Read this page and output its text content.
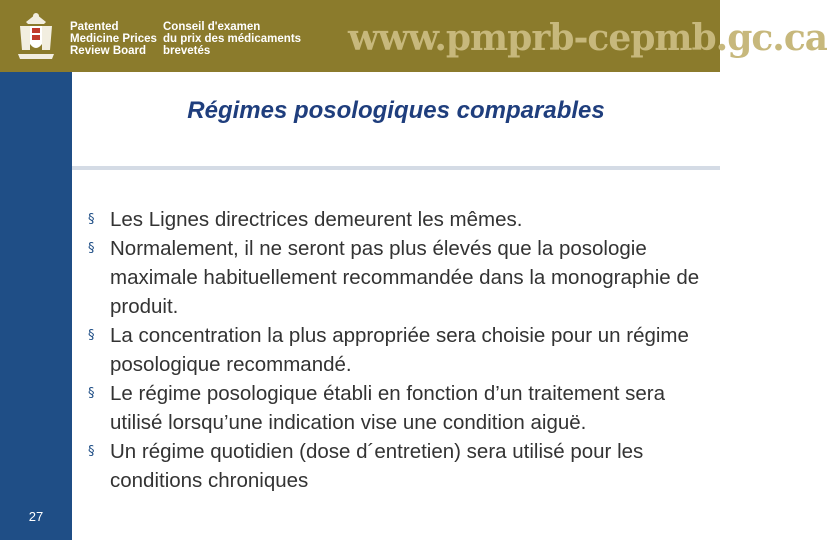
Patented
Medicine Prices
Review Board
Conseil d'examen
du prix des médicaments
brevetés	www.pmprb-cepmb.gc.ca
27
Régimes posologiques comparables
§ Les Lignes directrices demeurent les mêmes.
§ Normalement, il ne seront pas plus élevés que la posologie maximale habituellement recommandée dans la monographie de produit.
§ La concentration la plus appropriée sera choisie pour un régime posologique recommandé.
§ Le régime posologique établi en fonction d’un traitement sera utilisé lorsqu’une indication vise une condition aiguë.
§ Un régime quotidien (dose d´entretien) sera utilisé pour les conditions chroniques
